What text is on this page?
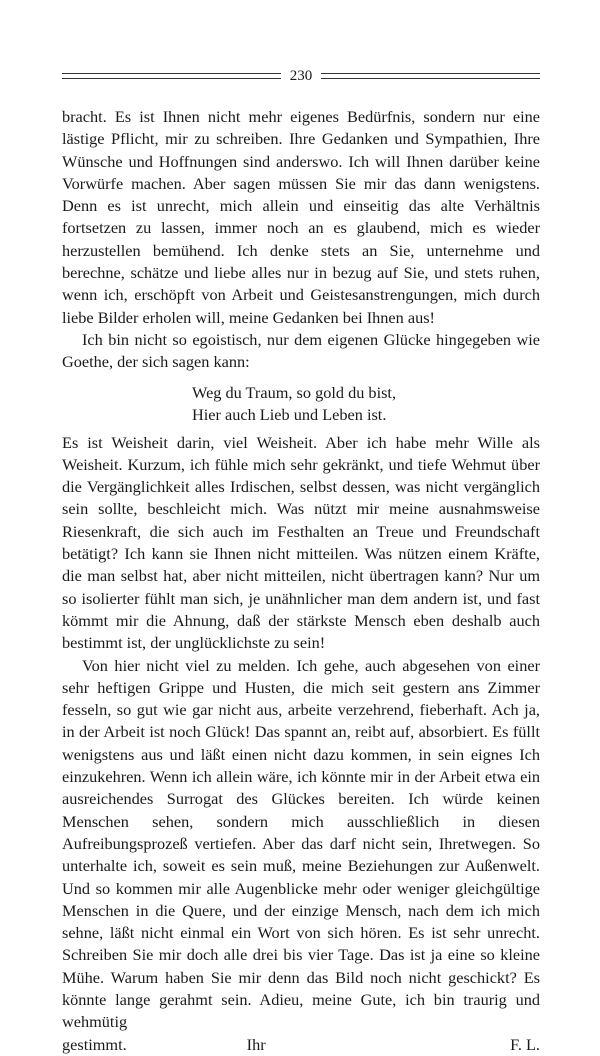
230

bracht. Es ist Ihnen nicht mehr eigenes Bedürfnis, sondern nur eine lästige Pflicht, mir zu schreiben. Ihre Gedanken und Sympathien, Ihre Wünsche und Hoffnungen sind anderswo. Ich will Ihnen darüber keine Vorwürfe machen. Aber sagen müssen Sie mir das dann wenigstens. Denn es ist unrecht, mich allein und einseitig das alte Verhältnis fortsetzen zu lassen, immer noch an es glaubend, mich es wieder herzustellen bemühend. Ich denke stets an Sie, unternehme und berechne, schätze und liebe alles nur in bezug auf Sie, und stets ruhen, wenn ich, erschöpft von Arbeit und Geistesanstrengungen, mich durch liebe Bilder erholen will, meine Gedanken bei Ihnen aus!

Ich bin nicht so egoistisch, nur dem eigenen Glücke hingegeben wie Goethe, der sich sagen kann:

Weg du Traum, so gold du bist,
Hier auch Lieb und Leben ist.

Es ist Weisheit darin, viel Weisheit. Aber ich habe mehr Wille als Weisheit. Kurzum, ich fühle mich sehr gekränkt, und tiefe Wehmut über die Vergänglichkeit alles Irdischen, selbst dessen, was nicht vergänglich sein sollte, beschleicht mich. Was nützt mir meine ausnahmsweise Riesenkraft, die sich auch im Festhalten an Treue und Freundschaft betätigt? Ich kann sie Ihnen nicht mitteilen. Was nützen einem Kräfte, die man selbst hat, aber nicht mitteilen, nicht übertragen kann? Nur um so isolierter fühlt man sich, je unähnlicher man dem andern ist, und fast kömmt mir die Ahnung, daß der stärkste Mensch eben deshalb auch bestimmt ist, der unglücklichste zu sein!

Von hier nicht viel zu melden. Ich gehe, auch abgesehen von einer sehr heftigen Grippe und Husten, die mich seit gestern ans Zimmer fesseln, so gut wie gar nicht aus, arbeite verzehrend, fieberhaft. Ach ja, in der Arbeit ist noch Glück! Das spannt an, reibt auf, absorbiert. Es füllt wenigstens aus und läßt einen nicht dazu kommen, in sein eignes Ich einzukehren. Wenn ich allein wäre, ich könnte mir in der Arbeit etwa ein ausreichendes Surrogat des Glückes bereiten. Ich würde keinen Menschen sehen, sondern mich ausschließlich in diesen Aufreibungsprozeß vertiefen. Aber das darf nicht sein, Ihretwegen. So unterhalte ich, soweit es sein muß, meine Beziehungen zur Außenwelt. Und so kommen mir alle Augenblicke mehr oder weniger gleichgültige Menschen in die Quere, und der einzige Mensch, nach dem ich mich sehne, läßt nicht einmal ein Wort von sich hören. Es ist sehr unrecht. Schreiben Sie mir doch alle drei bis vier Tage. Das ist ja eine so kleine Mühe. Warum haben Sie mir denn das Bild noch nicht geschickt? Es könnte lange gerahmt sein. Adieu, meine Gute, ich bin traurig und wehmütig

gestimmt.	Ihr	F. L.
